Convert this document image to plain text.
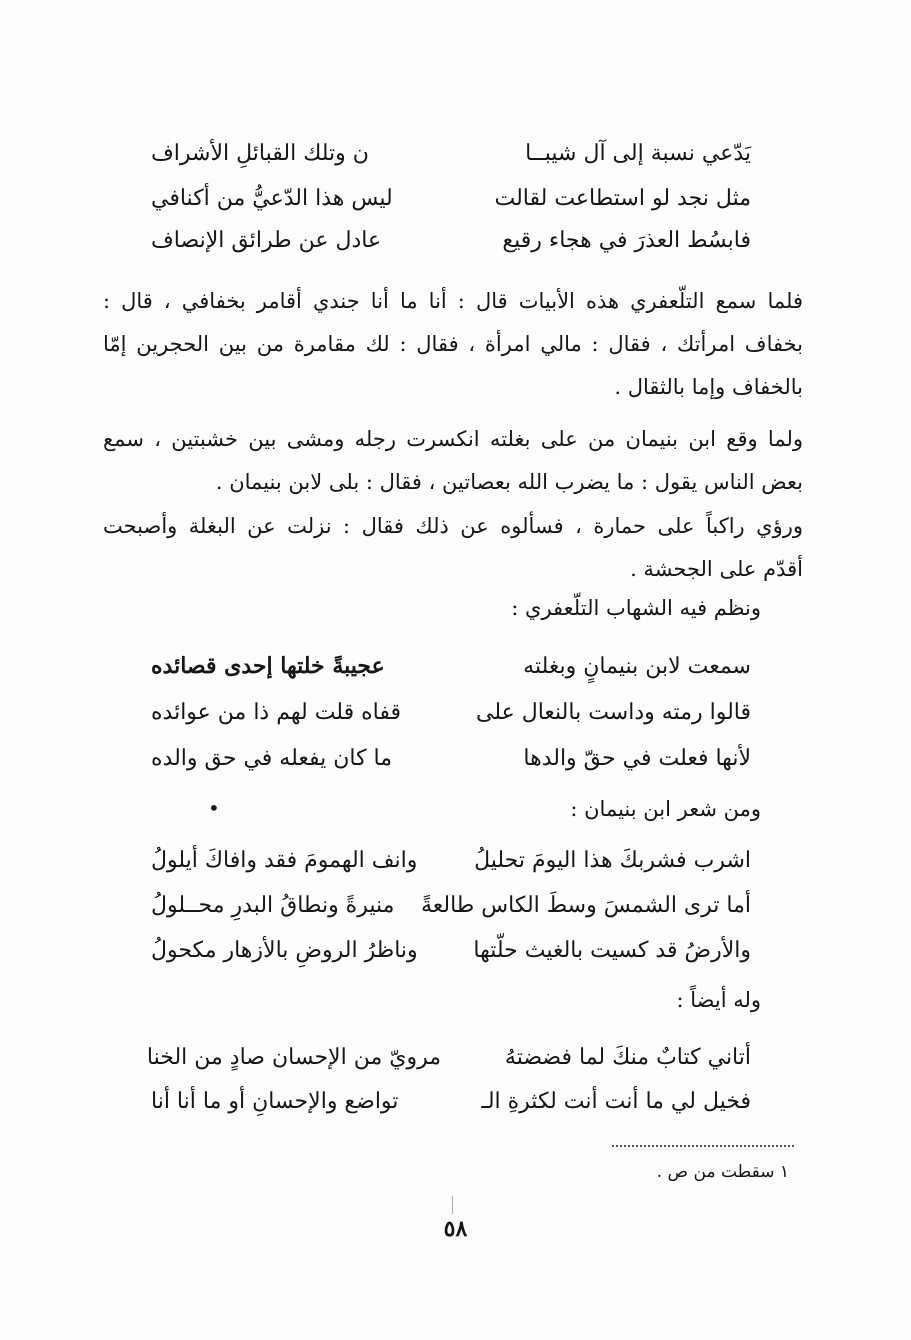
يَدّعي نسبة إلى آل شيبــا
ن وتلك القبائلِ الأشراف
مثل نجد لو استطاعت لقالت
ليس هذا الدّعيُّ من أكنافي
فابسُط العذرَ في هجاء رقيع
عادل عن طرائق الإنصاف
فلما سمع التلّعفري هذه الأبيات قال : أنا ما أنا جندي أقامر بخفافي ، قال :
بخفاف امرأتك ، فقال : مالي امرأة ، فقال : لك مقامرة من بين الحجرين إمّا
بالخفاف وإما بالثقال .
ولما وقع ابن بنيمان من على بغلته انكسرت رجله ومشى بين خشبتين ، سمع
بعض الناس يقول : ما يضرب الله بعصاتين ، فقال : بلى لابن بنيمان .
ورؤي راكباً على حمارة ، فسألوه عن ذلك فقال : نزلت عن البغلة وأصبحت
أقدّم على الجحشة .
ونظم فيه الشهاب التلّعفري :
سمعت لابن بنيمانٍ وبغلته
عجيبةً خلتها إحدى قصائده
قالوا رمته وداست بالنعال على
قفاه قلت لهم ذا من عوائده
لأنها فعلت في حقّ والدها
ما كان يفعله في حق والده
ومن شعر ابن بنيمان :
•
اشرب فشربكَ هذا اليومَ تحليلُ
وانف الهمومَ فقد وافاكَ أيلولُ
أما ترى الشمسَ وسطَ الكاس طالعةً
منيرةً ونطاقُ البدرِ محــلولُ
والأرضُ قد كسيت بالغيث حلّتها
وناظرُ الروضِ بالأزهار مكحولُ
وله أيضاً :
أتاني كتابٌ منكَ لما فضضتهُ
مرويّ من الإحسان صادٍ من الخنا
فخيل لي ما أنت أنت لكثرةِ الـ
تواضع والإحسانِ أو ما أنا أنا
١ سقطت من ص .
٥٨
